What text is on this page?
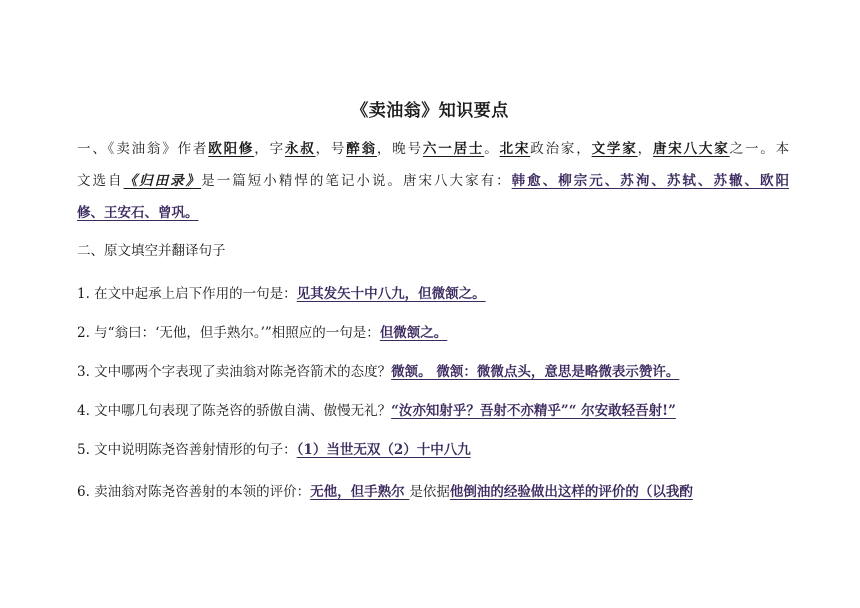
《卖油翁》知识要点
一、《卖油翁》作者欧阳修，字永叔，号醉翁，晚号六一居士。北宋政治家，文学家，唐宋八大家之一。本
文选自《归田录》是一篇短小精悍的笔记小说。唐宋八大家有：韩愈、柳宗元、苏洵、苏轼、苏辙、欧阳
修、王安石、曾巩。
二、原文填空并翻译句子
1. 在文中起承上启下作用的一句是：见其发矢十中八九，但微颔之。
2. 与“翁曰：‘无他，但手熟尔。’”相照应的一句是：但微颔之。
3. 文中哪两个字表现了卖油翁对陈尧咨箭术的态度？微颔。 微颔：微微点头，意思是略微表示赞许。
4. 文中哪几句表现了陈尧咨的骄傲自满、傲慢无礼？“汝亦知射乎？吾射不亦精乎”“ 尔安敢轻吾射!”
5. 文中说明陈尧咨善射情形的句子：（1）当世无双（2）十中八九
6. 卖油翁对陈尧咨善射的本领的评价：无他，但手熟尔 是依据他倒油的经验做出这样的评价的（以我酌
